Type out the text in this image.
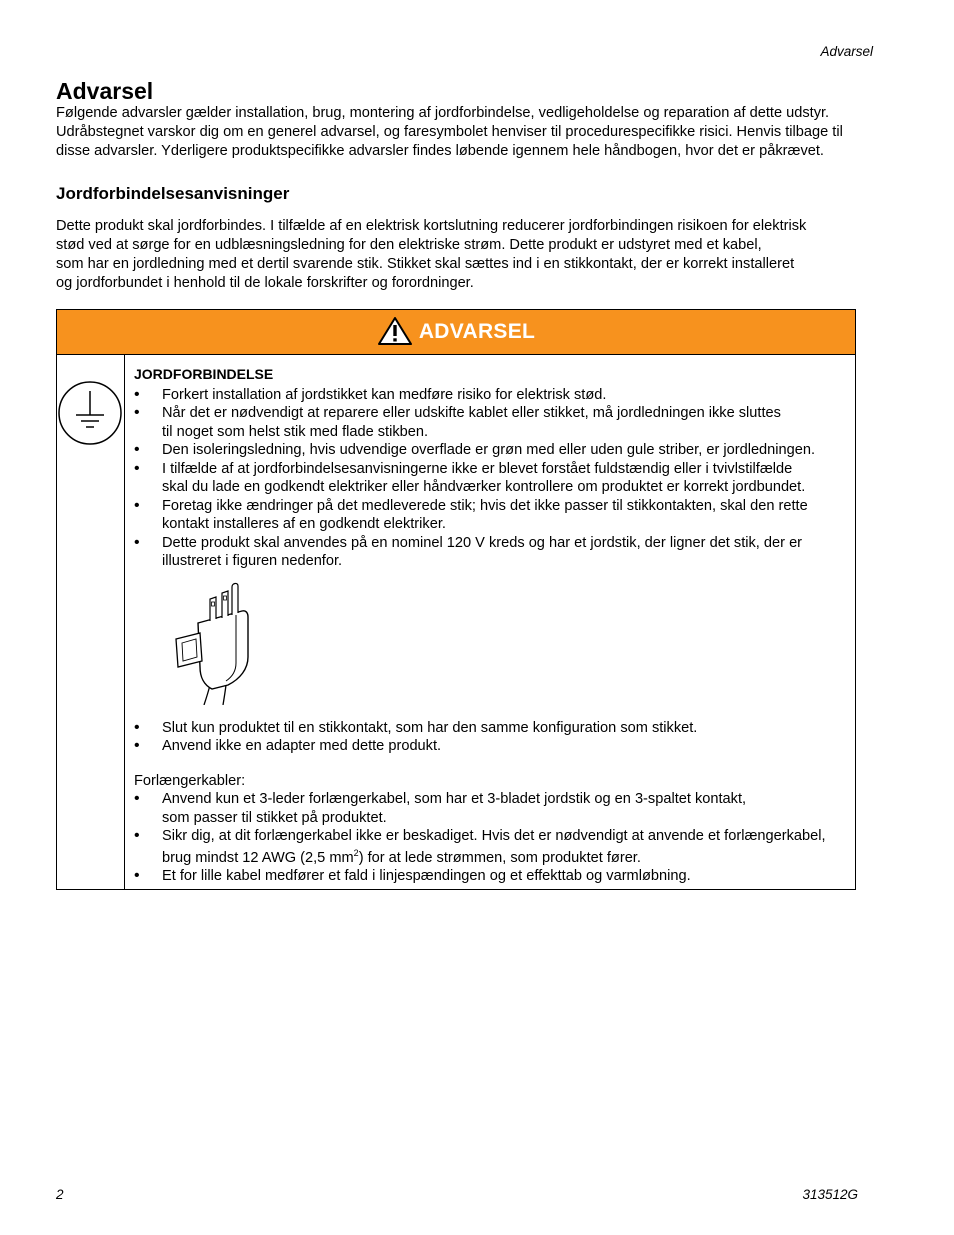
Advarsel
Advarsel

Følgende advarsler gælder installation, brug, montering af jordforbindelse, vedligeholdelse og reparation af dette udstyr.
Udråbstegnet varskor dig om en generel advarsel, og faresymbolet henviser til procedurespecifikke risici. Henvis tilbage til
disse advarsler. Yderligere produktspecifikke advarsler findes løbende igennem hele håndbogen, hvor det er påkrævet.

Jordforbindelsesanvisninger

Dette produkt skal jordforbindes. I tilfælde af en elektrisk kortslutning reducerer jordforbindingen risikoen for elektrisk
stød ved at sørge for en udblæsningsledning for den elektriske strøm. Dette produkt er udstyret med et kabel,
som har en jordledning med et dertil svarende stik. Stikket skal sættes ind i en stikkontakt, der er korrekt installeret
og jordforbundet i henhold til de lokale forskrifter og forordninger.

ADVARSEL
JORDFORBINDELSE
• Forkert installation af jordstikket kan medføre risiko for elektrisk stød.
• Når det er nødvendigt at reparere eller udskifte kablet eller stikket, må jordledningen ikke sluttes
til noget som helst stik med flade stikben.
• Den isoleringsledning, hvis udvendige overflade er grøn med eller uden gule striber, er jordledningen.
• I tilfælde af at jordforbindelsesanvisningerne ikke er blevet forstået fuldstændig eller i tvivlstilfælde
skal du lade en godkendt elektriker eller håndværker kontrollere om produktet er korrekt jordbundet.
• Foretag ikke ændringer på det medleverede stik; hvis det ikke passer til stikkontakten, skal den rette
kontakt installeres af en godkendt elektriker.
• Dette produkt skal anvendes på en nominel 120 V kreds og har et jordstik, der ligner det stik, der er
illustreret i figuren nedenfor.
• Slut kun produktet til en stikkontakt, som har den samme konfiguration som stikket.
• Anvend ikke en adapter med dette produkt.
Forlængerkabler:
• Anvend kun et 3-leder forlængerkabel, som har et 3-bladet jordstik og en 3-spaltet kontakt,
som passer til stikket på produktet.
• Sikr dig, at dit forlængerkabel ikke er beskadiget. Hvis det er nødvendigt at anvende et forlængerkabel,
brug mindst 12 AWG (2,5 $mm^2$) for at lede strømmen, som produktet fører.
• Et for lille kabel medfører et fald i linjespændingen og et effekttab og varmløbning.
2	313512G
